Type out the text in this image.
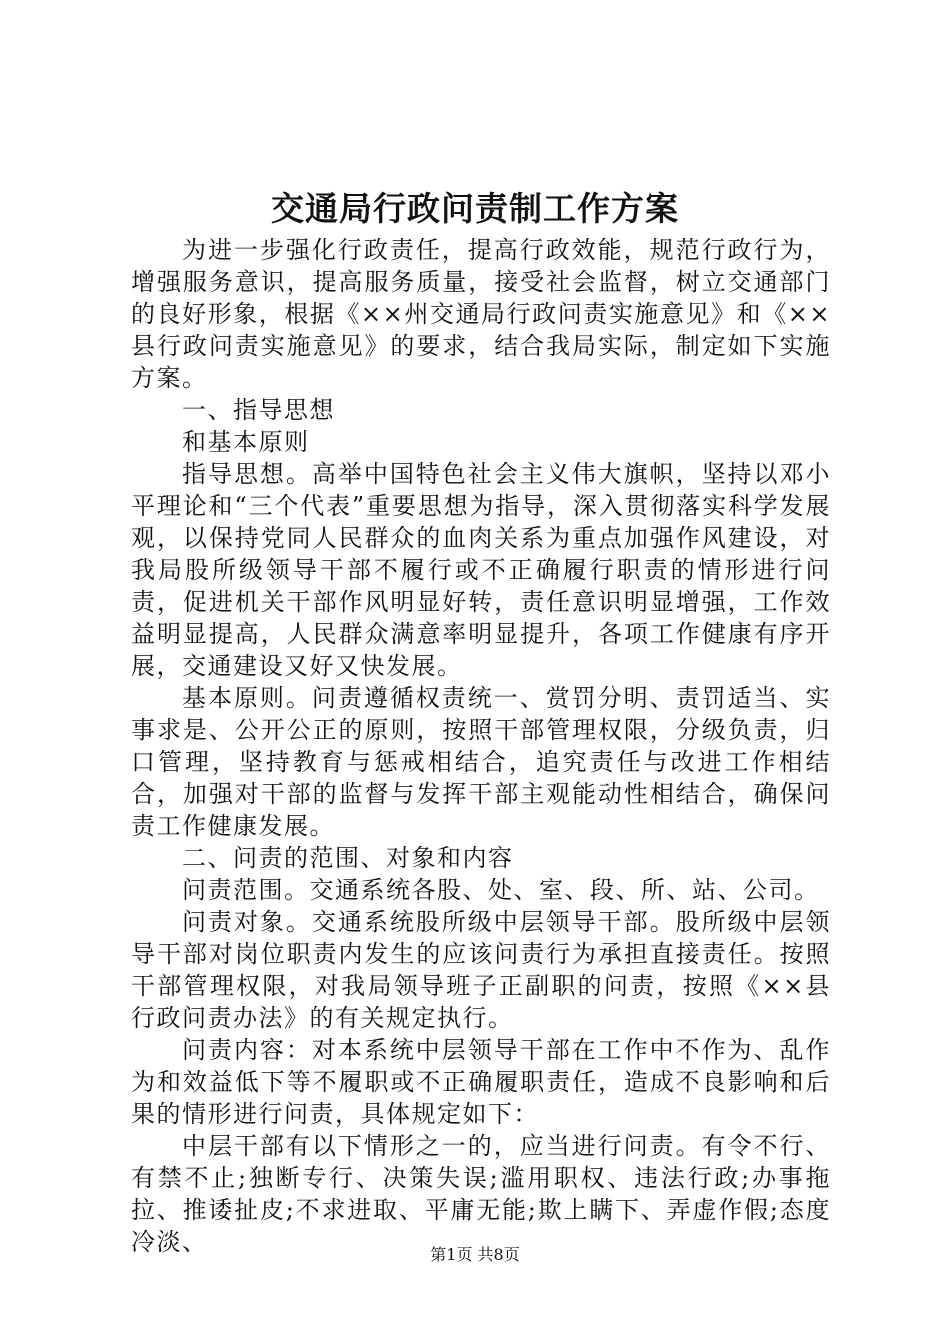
交通局行政问责制工作方案

为进一步强化行政责任，提高行政效能，规范行政行为，增强服务意识，提高服务质量，接受社会监督，树立交通部门的良好形象，根据《××州交通局行政问责实施意见》和《××县行政问责实施意见》的要求，结合我局实际，制定如下实施方案。

一、指导思想

和基本原则

指导思想。高举中国特色社会主义伟大旗帜，坚持以邓小平理论和“三个代表”重要思想为指导，深入贯彻落实科学发展观，以保持党同人民群众的血肉关系为重点加强作风建设，对我局股所级领导干部不履行或不正确履行职责的情形进行问责，促进机关干部作风明显好转，责任意识明显增强，工作效益明显提高，人民群众满意率明显提升，各项工作健康有序开展，交通建设又好又快发展。

基本原则。问责遵循权责统一、赏罚分明、责罚适当、实事求是、公开公正的原则，按照干部管理权限，分级负责，归口管理，坚持教育与惩戒相结合，追究责任与改进工作相结合，加强对干部的监督与发挥干部主观能动性相结合，确保问责工作健康发展。

二、问责的范围、对象和内容

问责范围。交通系统各股、处、室、段、所、站、公司。

问责对象。交通系统股所级中层领导干部。股所级中层领导干部对岗位职责内发生的应该问责行为承担直接责任。按照干部管理权限，对我局领导班子正副职的问责，按照《××县行政问责办法》的有关规定执行。

问责内容：对本系统中层领导干部在工作中不作为、乱作为和效益低下等不履职或不正确履职责任，造成不良影响和后果的情形进行问责，具体规定如下：

中层干部有以下情形之一的，应当进行问责。有令不行、有禁不止;独断专行、决策失误;滥用职权、违法行政;办事拖拉、推诿扯皮;不求进取、平庸无能;欺上瞒下、弄虚作假;态度冷淡、	第1页 共8页
